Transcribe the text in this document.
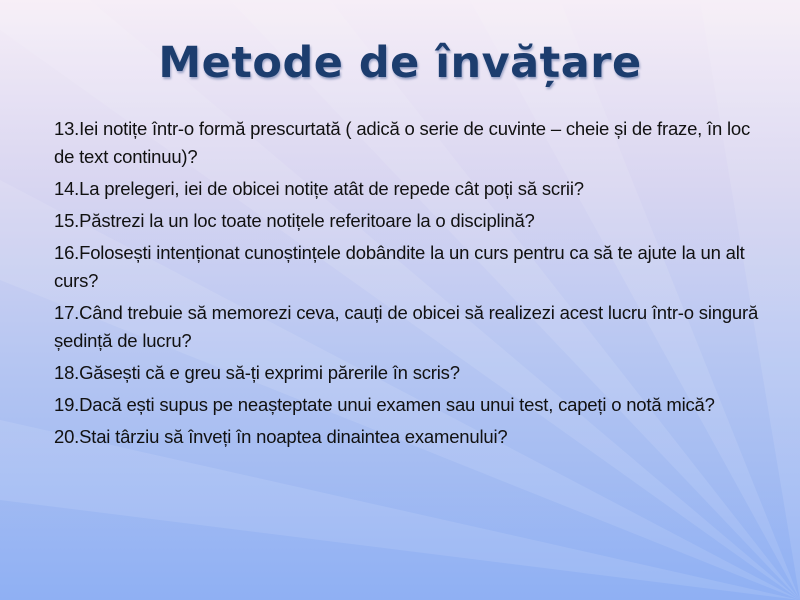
Metode de învățare
13.Iei notițe într-o formă prescurtată ( adică o serie de cuvinte – cheie și de fraze, în loc de text continuu)?
14.La prelegeri, iei de obicei notițe atât de repede cât poți să scrii?
15.Păstrezi la un loc toate notițele referitoare la o disciplină?
16.Folosești intenționat cunoștințele dobândite la un curs pentru ca să te ajute la un alt curs?
17.Când trebuie să memorezi ceva, cauți de obicei să realizezi acest lucru într-o singură ședință de lucru?
18.Găsești că e greu să-ți exprimi părerile în scris?
19.Dacă ești supus pe neașteptate unui examen sau unui test, capeți o notă mică?
20.Stai târziu să înveți în noaptea dinaintea examenului?
